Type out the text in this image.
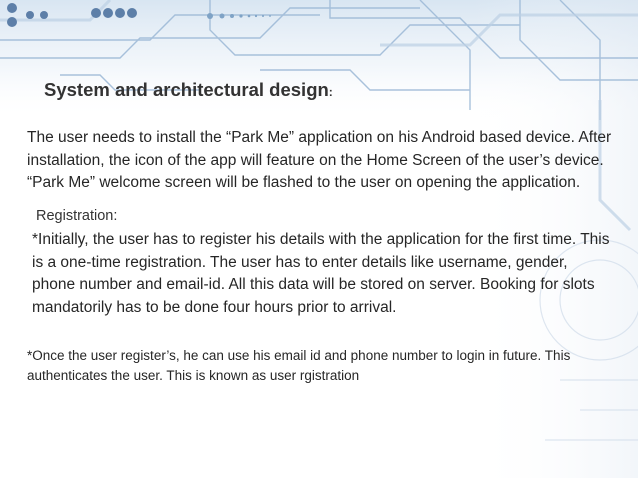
System and architectural design:

The user needs to install the “Park Me” application on his Android based device. After installation, the icon of the app will feature on the Home Screen of the user’s device. “Park Me” welcome screen will be flashed to the user on opening the application.

Registration:

*Initially, the user has to register his details with the application for the first time. This is a one-time registration. The user has to enter details like username, gender, phone number and email-id. All this data will be stored on server. Booking for slots mandatorily has to be done four hours prior to arrival.

*Once the user register’s, he can use his email id and phone number to login in future. This authenticates the user. This is known as user rgistration
